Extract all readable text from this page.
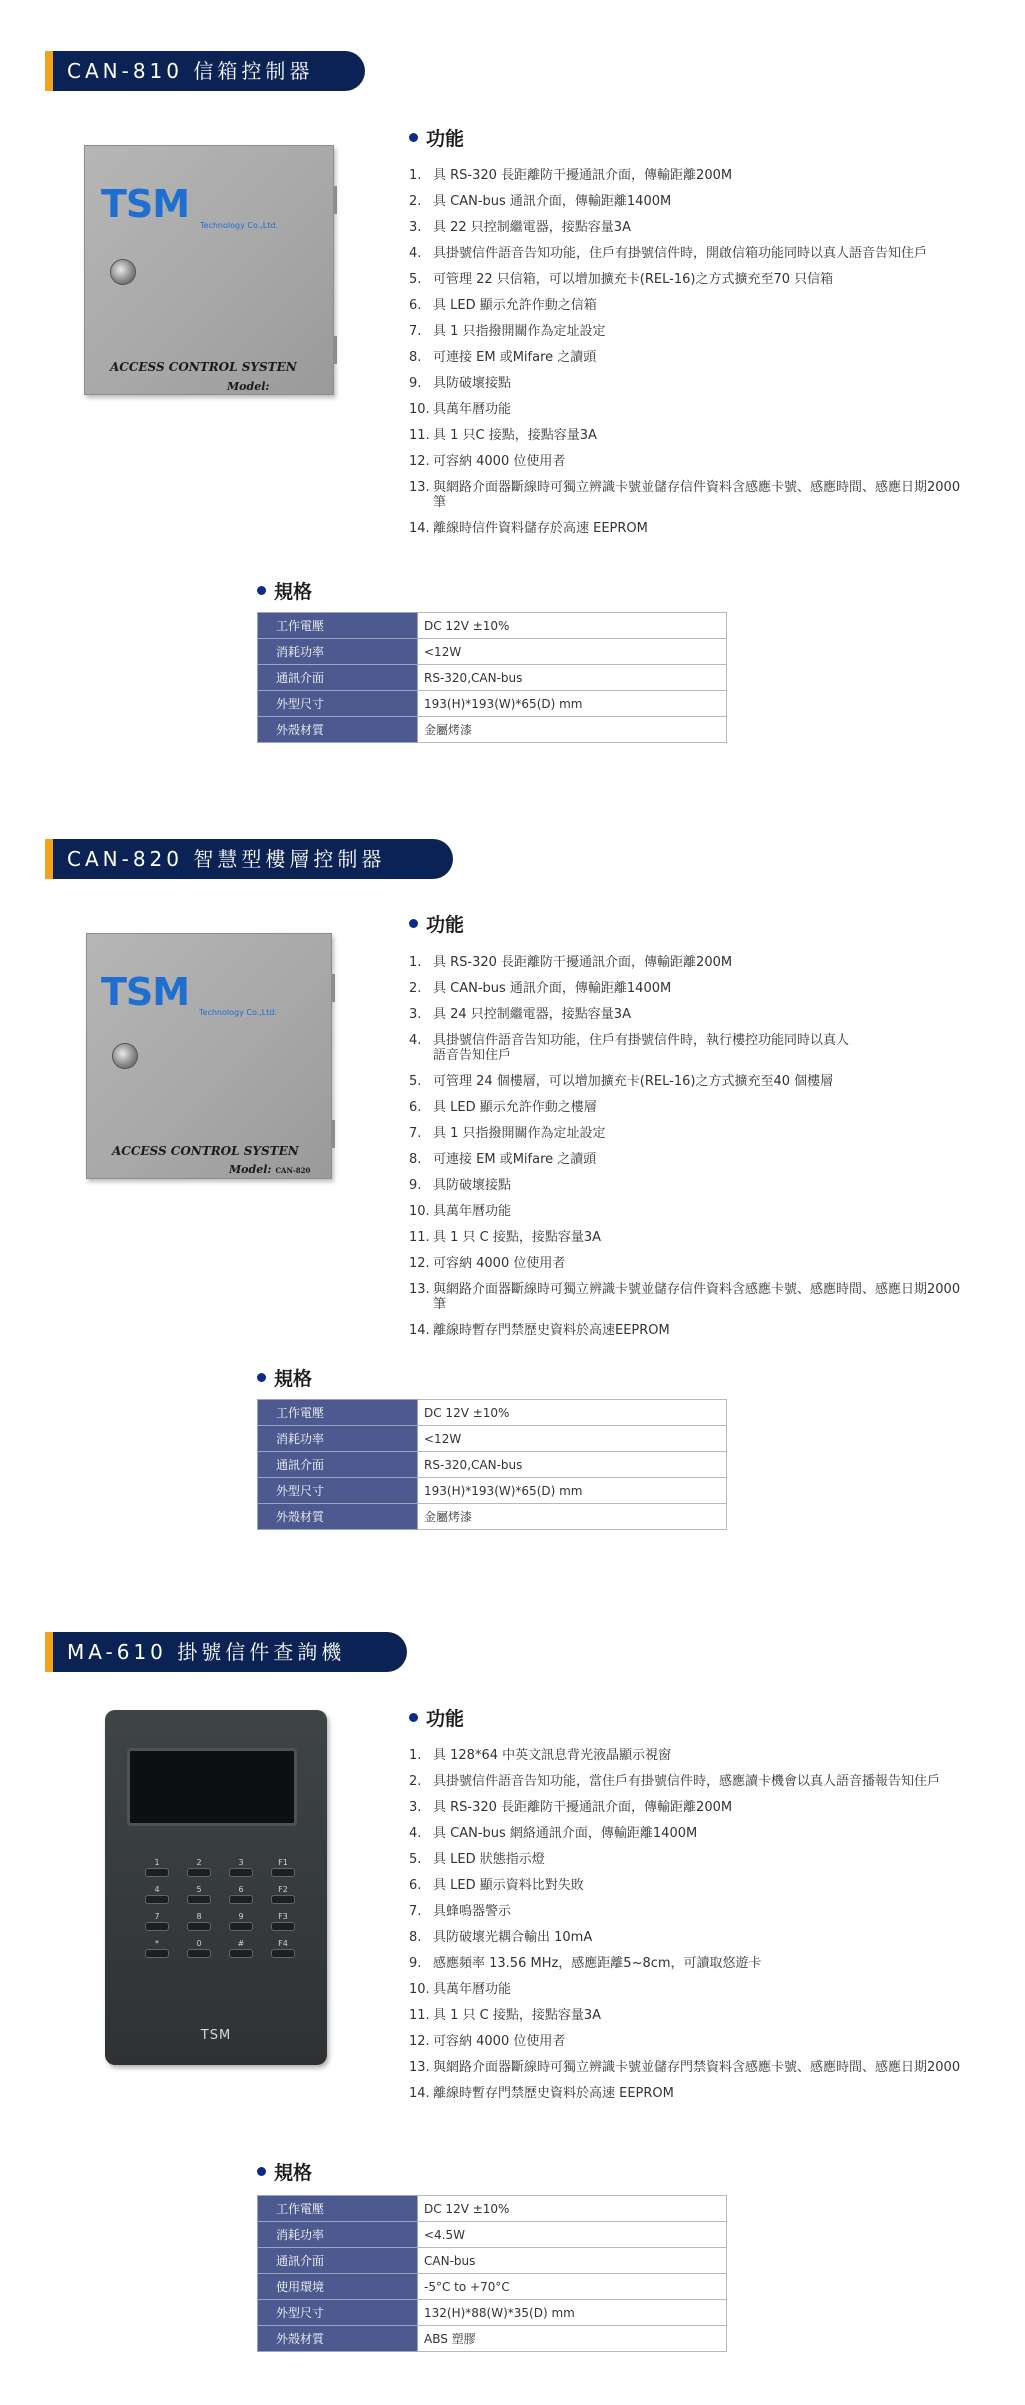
CAN-810 信箱控制器
TSM Technology Co.,Ltd.
ACCESS CONTROL SYSTEN
Model:
功能
1. 具 RS-320 長距離防干擾通訊介面，傳輸距離200M
2. 具 CAN-bus 通訊介面，傳輸距離1400M
3. 具 22 只控制繼電器，接點容量3A
4. 具掛號信件語音告知功能，住戶有掛號信件時，開啟信箱功能同時以真人語音告知住戶
5. 可管理 22 只信箱，可以增加擴充卡(REL-16)之方式擴充至70 只信箱
6. 具 LED 顯示允許作動之信箱
7. 具 1 只指撥開關作為定址設定
8. 可連接 EM 或Mifare 之讀頭
9. 具防破壞接點
10. 具萬年曆功能
11. 具 1 只C 接點，接點容量3A
12. 可容納 4000 位使用者
13. 與網路介面器斷線時可獨立辨識卡號並儲存信件資料含感應卡號、感應時間、感應日期2000 筆
14. 離線時信件資料儲存於高速 EEPROM
規格
工作電壓	DC 12V ±10%
消耗功率	<12W
通訊介面	RS-320,CAN-bus
外型尺寸	193(H)*193(W)*65(D) mm
外殼材質	金屬烤漆
CAN-820 智慧型樓層控制器
TSM Technology Co.,Ltd.
ACCESS CONTROL SYSTEN
Model: CAN-820
功能
1. 具 RS-320 長距離防干擾通訊介面，傳輸距離200M
2. 具 CAN-bus 通訊介面，傳輸距離1400M
3. 具 24 只控制繼電器，接點容量3A
4. 具掛號信件語音告知功能，住戶有掛號信件時，執行樓控功能同時以真人語音告知住戶
5. 可管理 24 個樓層，可以增加擴充卡(REL-16)之方式擴充至40 個樓層
6. 具 LED 顯示允許作動之樓層
7. 具 1 只指撥開關作為定址設定
8. 可連接 EM 或Mifare 之讀頭
9. 具防破壞接點
10. 具萬年曆功能
11. 具 1 只 C 接點，接點容量3A
12. 可容納 4000 位使用者
13. 與網路介面器斷線時可獨立辨識卡號並儲存信件資料含感應卡號、感應時間、感應日期2000 筆
14. 離線時暫存門禁歷史資料於高速EEPROM
規格
工作電壓	DC 12V ±10%
消耗功率	<12W
通訊介面	RS-320,CAN-bus
外型尺寸	193(H)*193(W)*65(D) mm
外殼材質	金屬烤漆
MA-610 掛號信件查詢機
1	2	3	F1
4	5	6	F2
7	8	9	F3
*	0	#	F4
TSM
功能
1. 具 128*64 中英文訊息背光液晶顯示視窗
2. 具掛號信件語音告知功能，當住戶有掛號信件時，感應讀卡機會以真人語音播報告知住戶
3. 具 RS-320 長距離防干擾通訊介面，傳輸距離200M
4. 具 CAN-bus 網絡通訊介面，傳輸距離1400M
5. 具 LED 狀態指示燈
6. 具 LED 顯示資料比對失敗
7. 具蜂鳴器警示
8. 具防破壞光耦合輸出 10mA
9. 感應頻率 13.56 MHz，感應距離5~8cm，可讀取悠遊卡
10. 具萬年曆功能
11. 具 1 只 C 接點，接點容量3A
12. 可容納 4000 位使用者
13. 與網路介面器斷線時可獨立辨識卡號並儲存門禁資料含感應卡號、感應時間、感應日期2000
14. 離線時暫存門禁歷史資料於高速 EEPROM
規格
工作電壓	DC 12V ±10%
消耗功率	<4.5W
通訊介面	CAN-bus
使用環境	-5°C to +70°C
外型尺寸	132(H)*88(W)*35(D) mm
外殼材質	ABS 塑膠
